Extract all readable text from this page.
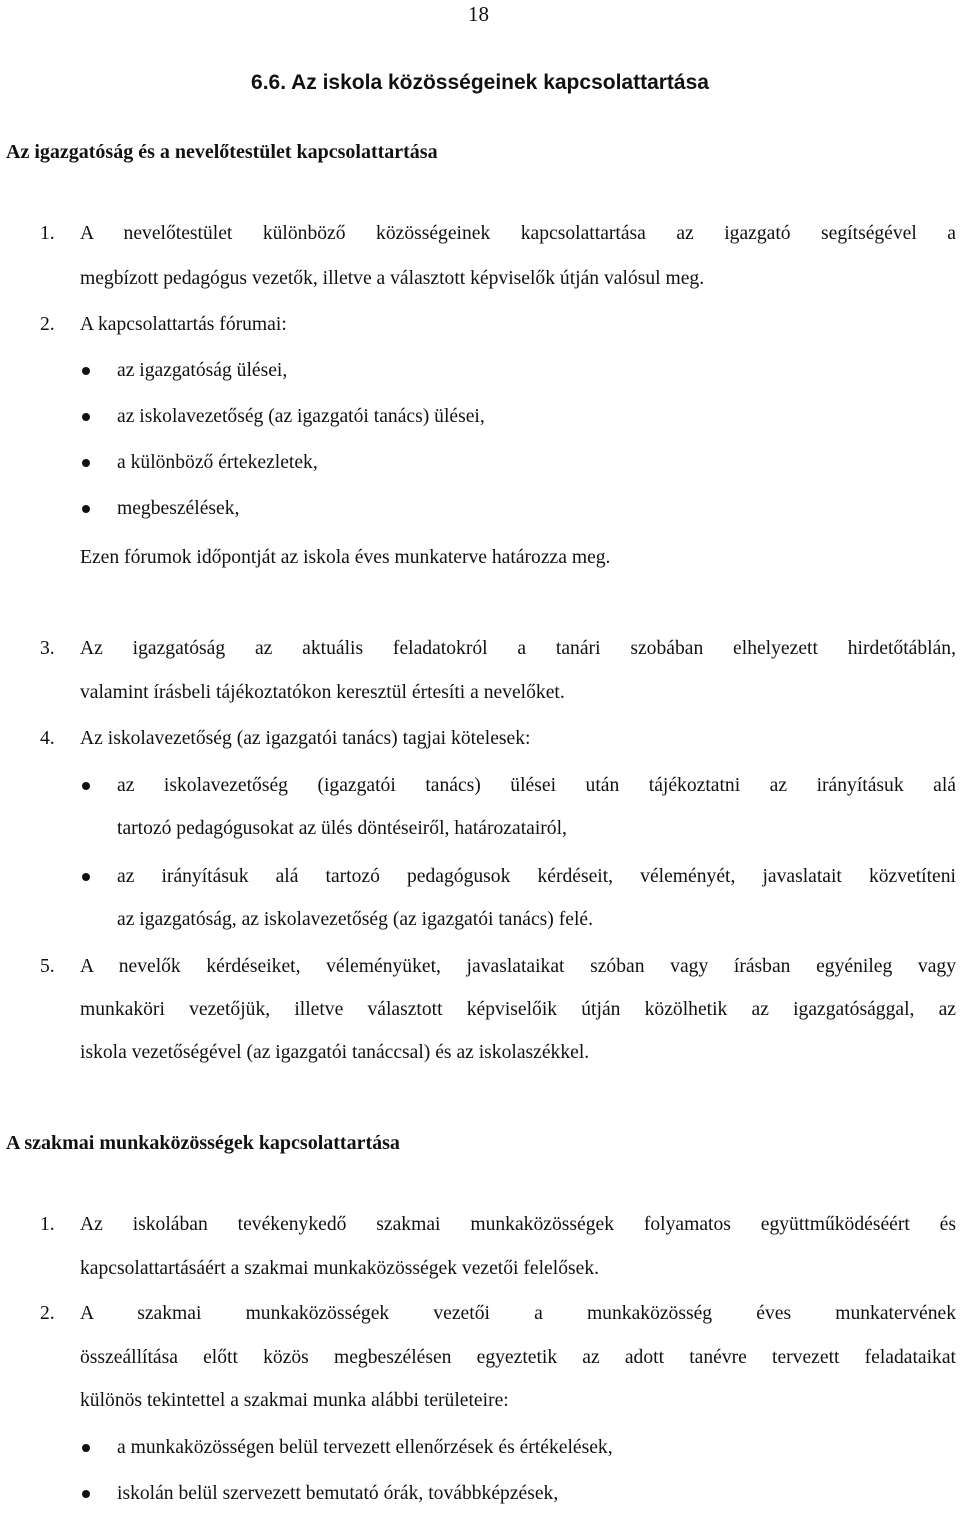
18
6.6. Az iskola közösségeinek kapcsolattartása
Az igazgatóság és a nevelőtestület kapcsolattartása
1. A nevelőtestület különböző közösségeinek kapcsolattartása az igazgató segítségével a
megbízott pedagógus vezetők, illetve a választott képviselők útján valósul meg.
2. A kapcsolattartás fórumai:
az igazgatóság ülései,
az iskolavezetőség (az igazgatói tanács) ülései,
a különböző értekezletek,
megbeszélések,
Ezen fórumok időpontját az iskola éves munkaterve határozza meg.
3. Az igazgatóság az aktuális feladatokról a tanári szobában elhelyezett hirdetőtáblán,
valamint írásbeli tájékoztatókon keresztül értesíti a nevelőket.
4. Az iskolavezetőség (az igazgatói tanács) tagjai kötelesek:
az iskolavezetőség (igazgatói tanács) ülései után tájékoztatni az irányításuk alá
tartozó pedagógusokat az ülés döntéseiről, határozatairól,
az irányításuk alá tartozó pedagógusok kérdéseit, véleményét, javaslatait közvetíteni
az igazgatóság, az iskolavezetőség (az igazgatói tanács) felé.
5. A nevelők kérdéseiket, véleményüket, javaslataikat szóban vagy írásban egyénileg vagy
munkaköri vezetőjük, illetve választott képviselőik útján közölhetik az igazgatósággal, az
iskola vezetőségével (az igazgatói tanáccsal) és az iskolaszékkel.
A szakmai munkaközösségek kapcsolattartása
1. Az iskolában tevékenykedő szakmai munkaközösségek folyamatos együttműködéséért és
kapcsolattartásáért a szakmai munkaközösségek vezetői felelősek.
2. A szakmai munkaközösségek vezetői a munkaközösség éves munkatervének
összeállítása előtt közös megbeszélésen egyeztetik az adott tanévre tervezett feladataikat
különös tekintettel a szakmai munka alábbi területeire:
a munkaközösségen belül tervezett ellenőrzések és értékelések,
iskolán belül szervezett bemutató órák, továbbképzések,
